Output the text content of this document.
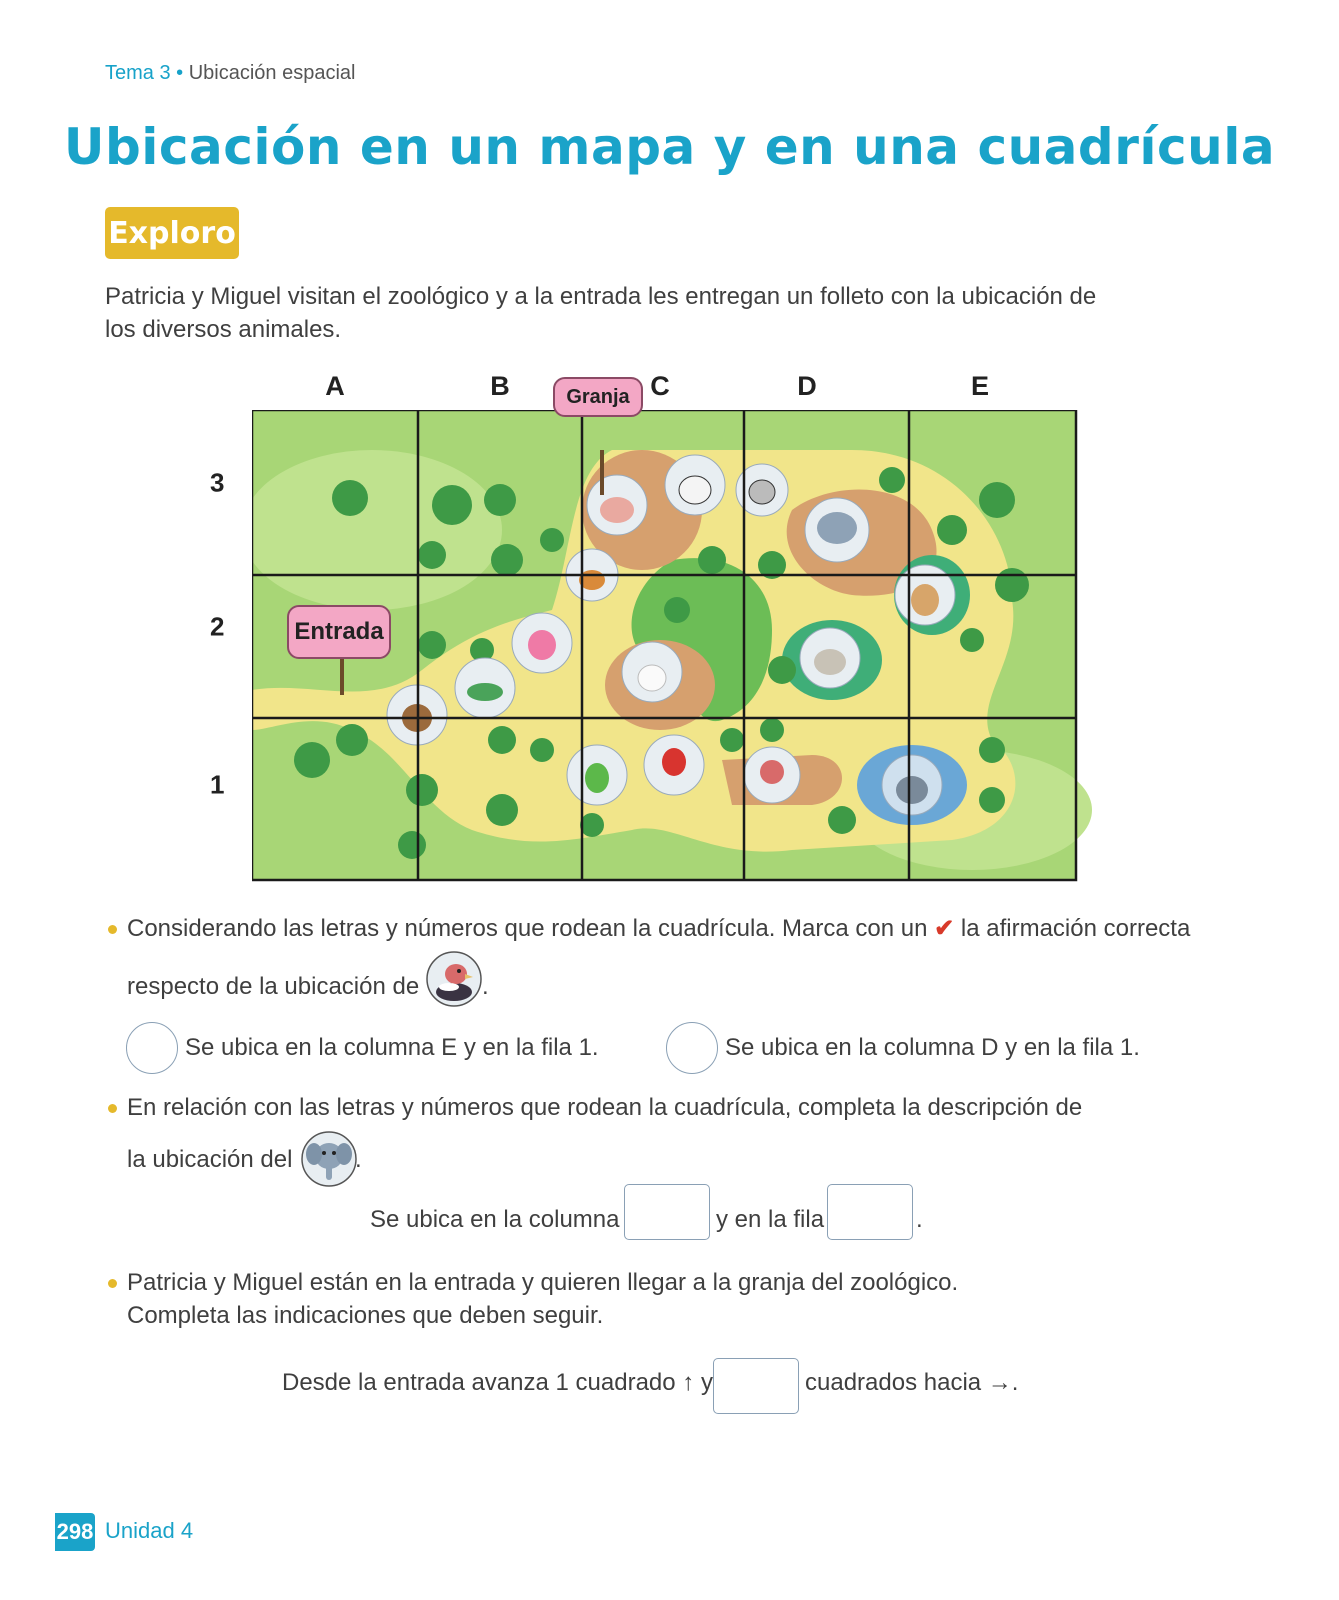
Tema 3 • Ubicación espacial
Ubicación en un mapa y en una cuadrícula
Exploro
Patricia y Miguel visitan el zoológico y a la entrada les entregan un folleto con la ubicación de los diversos animales.
A	B	C	D	E
3
2
1
Granja
Entrada
Considerando las letras y números que rodean la cuadrícula. Marca con un ✔ la afirmación correcta
respecto de la ubicación de	.
Se ubica en la columna E y en la fila 1.	Se ubica en la columna D y en la fila 1.
En relación con las letras y números que rodean la cuadrícula, completa la descripción de
la ubicación del	.
Se ubica en la columna	y en la fila	.
Patricia y Miguel están en la entrada y quieren llegar a la granja del zoológico.
Completa las indicaciones que deben seguir.
Desde la entrada avanza 1 cuadrado ↑ y	cuadrados hacia →.
298 Unidad 4
